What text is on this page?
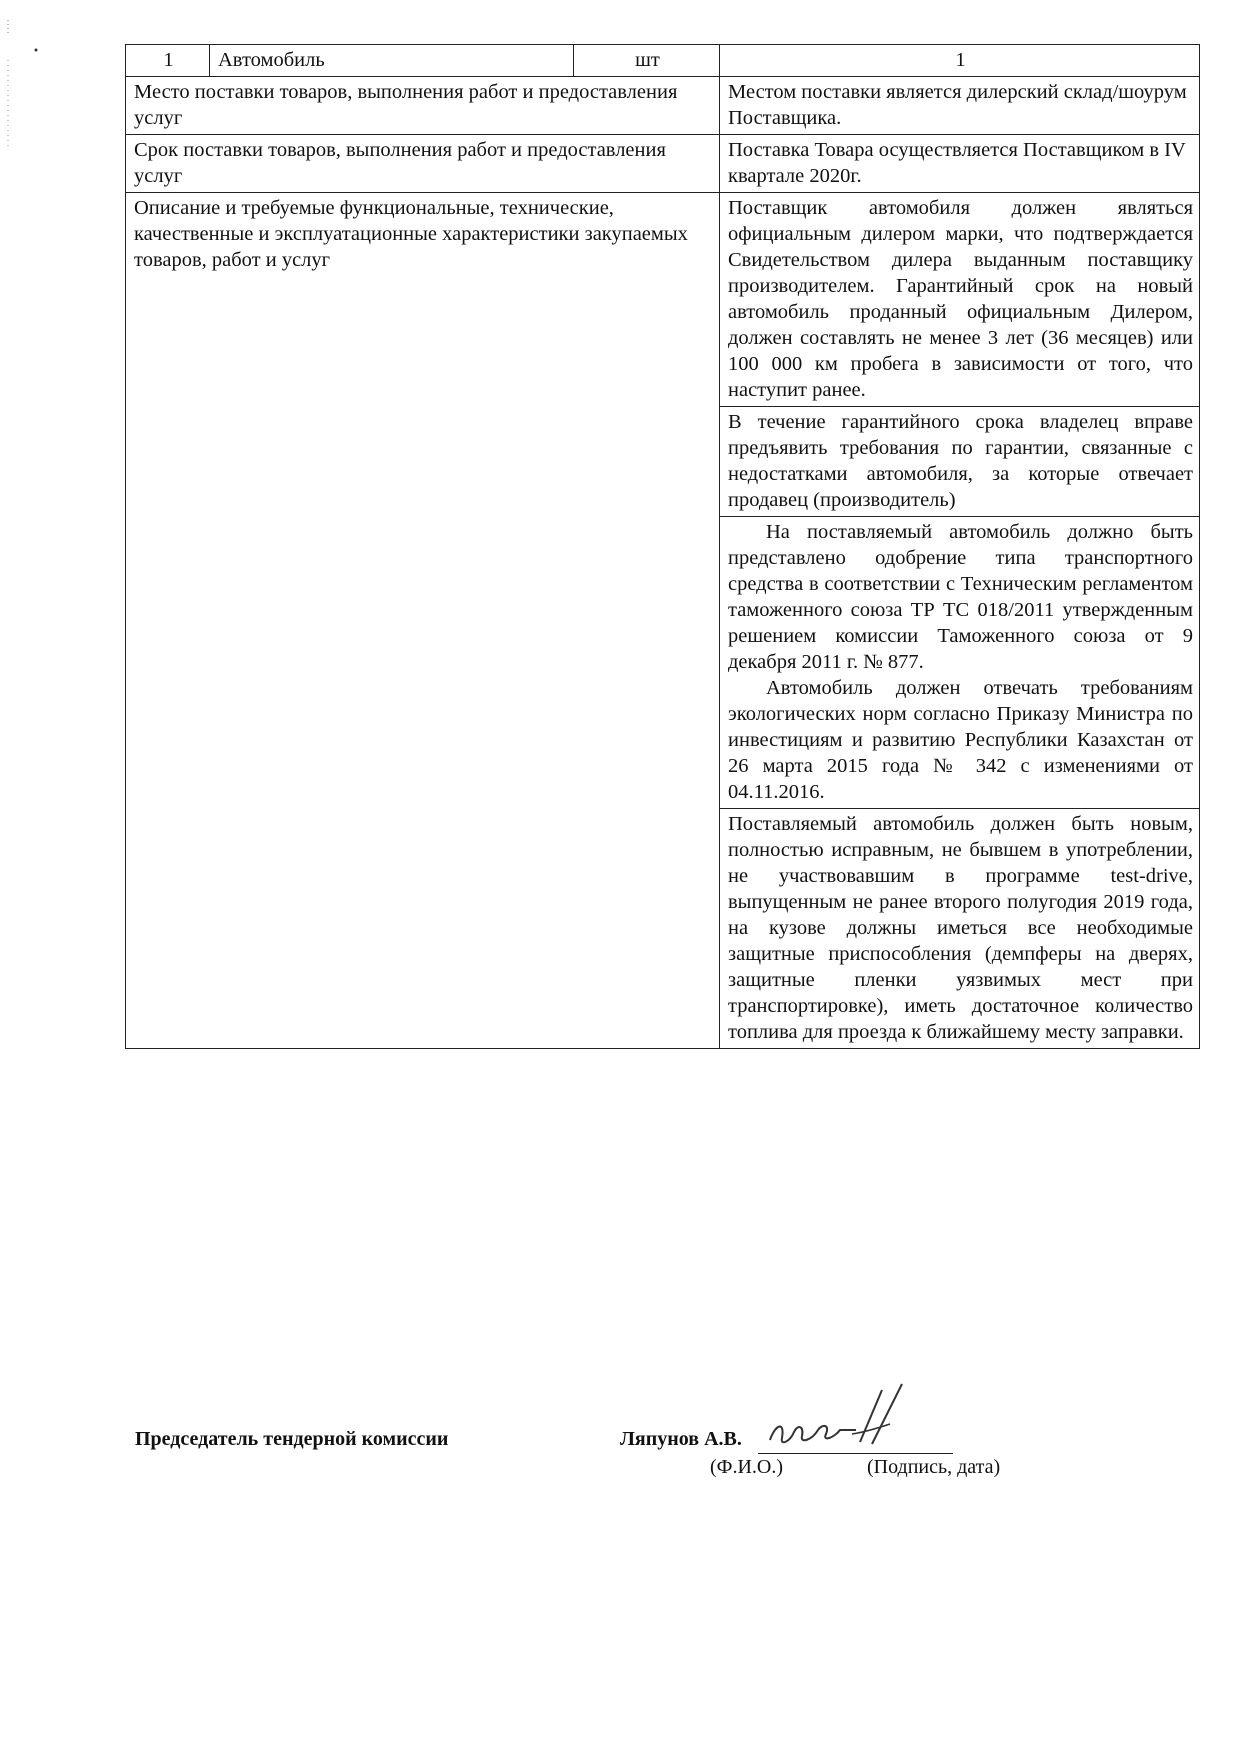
1	Автомобиль	шт	1
Место поставки товаров, выполнения работ и предоставления услуг			Местом поставки является дилерский склад/шоурум Поставщика.
Срок поставки товаров, выполнения работ и предоставления услуг			Поставка Товара осуществляется Поставщиком в IV квартале 2020г.
Описание и требуемые функциональные, технические, качественные и эксплуатационные характеристики закупаемых товаров, работ и услуг			Поставщик автомобиля должен являться официальным дилером марки, что подтверждается Свидетельством дилера выданным поставщику производителем. Гарантийный срок на новый автомобиль проданный официальным Дилером, должен составлять не менее 3 лет (36 месяцев) или 100 000 км пробега в зависимости от того, что наступит ранее.
			В течение гарантийного срока владелец вправе предъявить требования по гарантии, связанные с недостатками автомобиля, за которые отвечает продавец (производитель)

			На поставляемый автомобиль должно быть представлено одобрение типа транспортного средства в соответствии с Техническим регламентом таможенного союза ТР ТС 018/2011 утвержденным решением комиссии Таможенного союза от 9 декабря 2011 г. № 877.
Автомобиль должен отвечать требованиям экологических норм согласно Приказу Министра по инвестициям и развитию Республики Казахстан от 26 марта 2015 года № 342 с изменениями от 04.11.2016.

			Поставляемый автомобиль должен быть новым, полностью исправным, не бывшем в употреблении, не участвовавшим в программе test-drive, выпущенным не ранее второго полугодия 2019 года, на кузове должны иметься все необходимые защитные приспособления (демпферы на дверях, защитные пленки уязвимых мест при транспортировке), иметь достаточное количество топлива для проезда к ближайшему месту заправки.
Председатель тендерной комиссии	Ляпунов А.В.
(Ф.И.О.)	(Подпись, дата)
